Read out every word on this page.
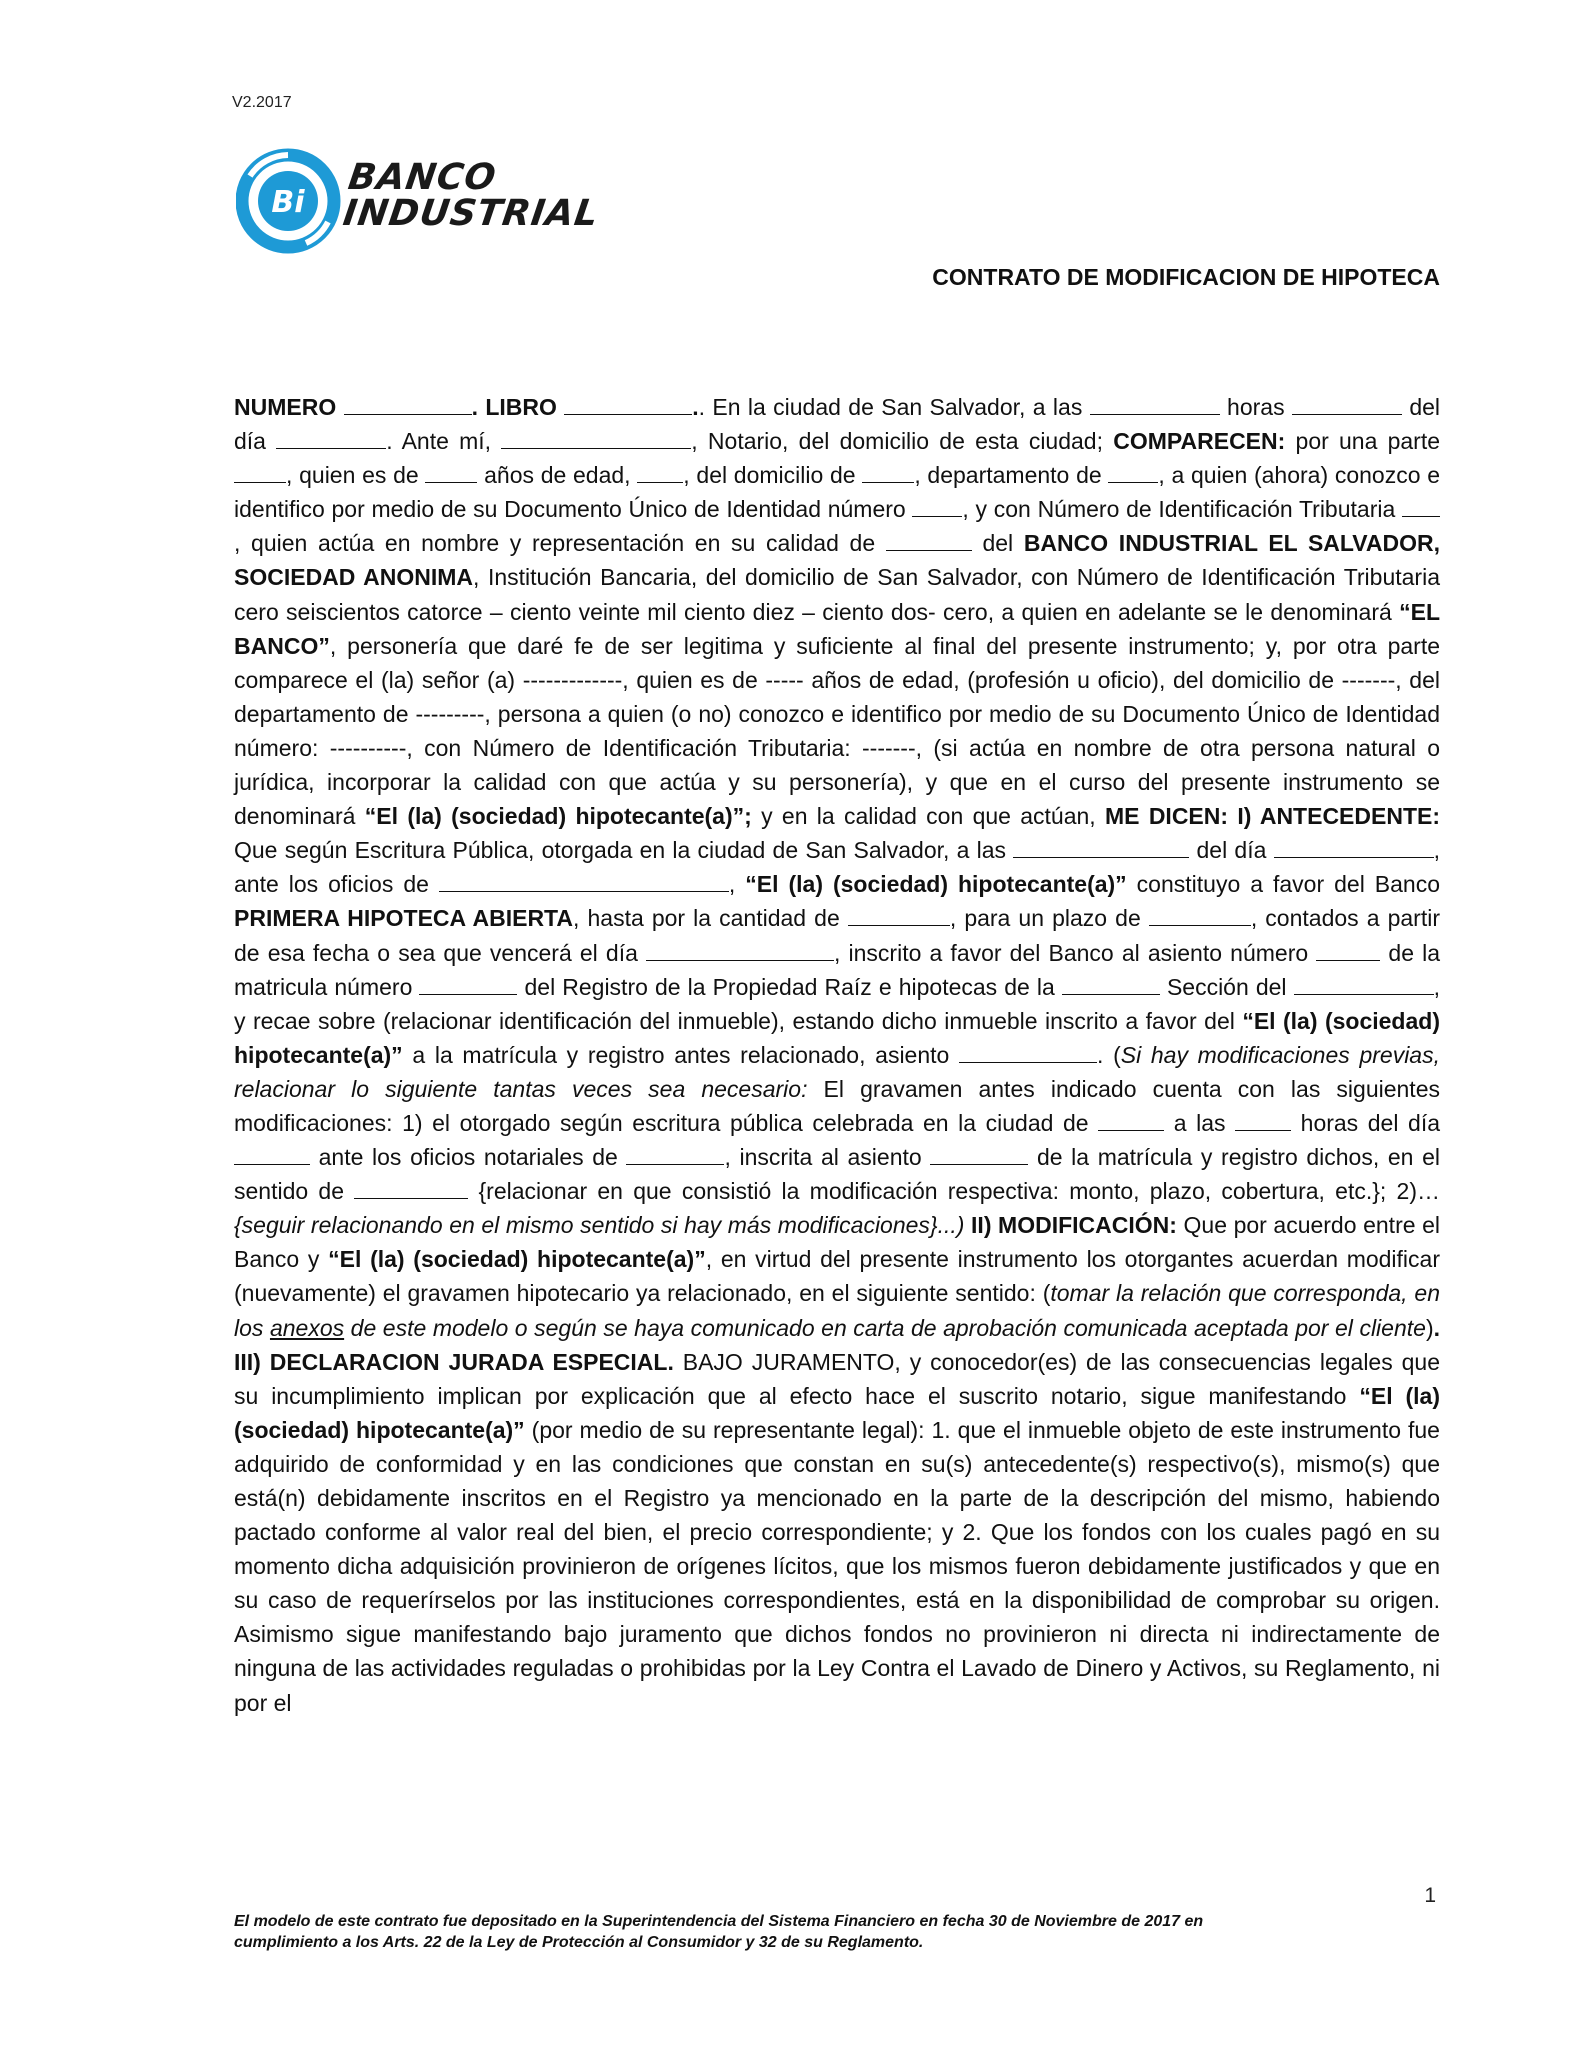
V2.2017
Bi
BANCO
INDUSTRIAL
CONTRATO DE MODIFICACION DE HIPOTECA

NUMERO	. LIBRO	.. En la ciudad de San Salvador, a las	horas	del día	. Ante mí,	, Notario, del domicilio de esta ciudad; COMPARECEN: por una parte , quien es de  años de edad, , del domicilio de , departamento de , a quien (ahora) conozco e identifico por medio de su Documento Único de Identidad número , y con Número de Identificación Tributaria , quien actúa en nombre y representación en su calidad de	del BANCO INDUSTRIAL EL SALVADOR, SOCIEDAD ANONIMA, Institución Bancaria, del domicilio de San Salvador, con Número de Identificación Tributaria cero seiscientos catorce – ciento veinte mil ciento diez – ciento dos- cero, a quien en adelante se le denominará “EL BANCO”, personería que daré fe de ser legitima y suficiente al final del presente instrumento; y, por otra parte comparece el (la) señor (a) -------------, quien es de ----- años de edad, (profesión u oficio), del domicilio de -------, del departamento de ---------, persona a quien (o no) conozco e identifico por medio de su Documento Único de Identidad número: ----------, con Número de Identificación Tributaria: -------, (si actúa en nombre de otra persona natural o jurídica, incorporar la calidad con que actúa y su personería), y que en el curso del presente instrumento se denominará “El (la) (sociedad) hipotecante(a)”; y en la calidad con que actúan, ME DICEN: I) ANTECEDENTE: Que según Escritura Pública, otorgada en la ciudad de San Salvador, a las	del día	, ante los oficios de	, “El (la) (sociedad) hipotecante(a)” constituyo a favor del Banco PRIMERA HIPOTECA ABIERTA, hasta por la cantidad de	, para un plazo de	, contados a partir de esa fecha o sea que vencerá el día	, inscrito a favor del Banco al asiento número	de la matricula número	del Registro de la Propiedad Raíz e hipotecas de la	Sección del	, y recae sobre (relacionar identificación del inmueble), estando dicho inmueble inscrito a favor del “El (la) (sociedad) hipotecante(a)” a la matrícula y registro antes relacionado, asiento	. (Si hay modificaciones previas, relacionar lo siguiente tantas veces sea necesario: El gravamen antes indicado cuenta con las siguientes modificaciones: 1) el otorgado según escritura pública celebrada en la ciudad de	a las  horas del día  ante los oficios notariales de	, inscrita al asiento	de la matrícula y registro dichos, en el sentido de	{relacionar en que consistió la modificación respectiva: monto, plazo, cobertura, etc.}; 2)…{seguir relacionando en el mismo sentido si hay más modificaciones}...) II) MODIFICACIÓN: Que por acuerdo entre el Banco y “El (la) (sociedad) hipotecante(a)”, en virtud del presente instrumento los otorgantes acuerdan modificar (nuevamente) el gravamen hipotecario ya relacionado, en el siguiente sentido: (tomar la relación que corresponda, en los anexos de este modelo o según se haya comunicado en carta de aprobación comunicada aceptada por el cliente). III) DECLARACION JURADA ESPECIAL. BAJO JURAMENTO, y conocedor(es) de las consecuencias legales que su incumplimiento implican por explicación que al efecto hace el suscrito notario, sigue manifestando “El (la) (sociedad) hipotecante(a)” (por medio de su representante legal): 1. que el inmueble objeto de este instrumento fue adquirido de conformidad y en las condiciones que constan en su(s) antecedente(s) respectivo(s), mismo(s) que está(n) debidamente inscritos en el Registro ya mencionado en la parte de la descripción del mismo, habiendo pactado conforme al valor real del bien, el precio correspondiente; y 2. Que los fondos con los cuales pagó en su momento dicha adquisición provinieron de orígenes lícitos, que los mismos fueron debidamente justificados y que en su caso de requerírselos por las instituciones correspondientes, está en la disponibilidad de comprobar su origen. Asimismo sigue manifestando bajo juramento que dichos fondos no provinieron ni directa ni indirectamente de ninguna de las actividades reguladas o prohibidas por la Ley Contra el Lavado de Dinero y Activos, su Reglamento, ni por el

1
El modelo de este contrato fue depositado en la Superintendencia del Sistema Financiero en fecha 30 de Noviembre de 2017 en
cumplimiento a los Arts. 22 de la Ley de Protección al Consumidor y 32 de su Reglamento.
